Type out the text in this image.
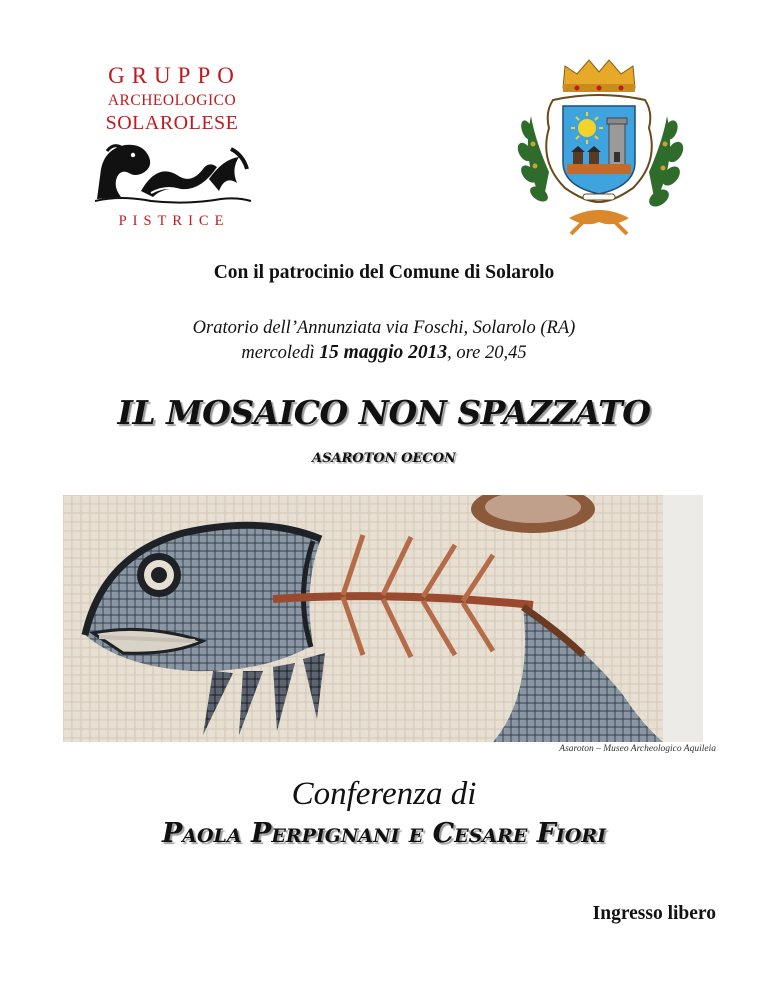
GRUPPO
ARCHEOLOGICO
SOLAROLESE
PISTRICE
Con il patrocinio del Comune di Solarolo
Oratorio dell’Annunziata via Foschi, Solarolo (RA)
mercoledì 15 maggio 2013, ore 20,45
IL MOSAICO NON SPAZZATO
ASAROTON OECON
Asaroton – Museo Archeologico Aquileia
Conferenza di
Paola Perpignani e Cesare Fiori
Ingresso libero
